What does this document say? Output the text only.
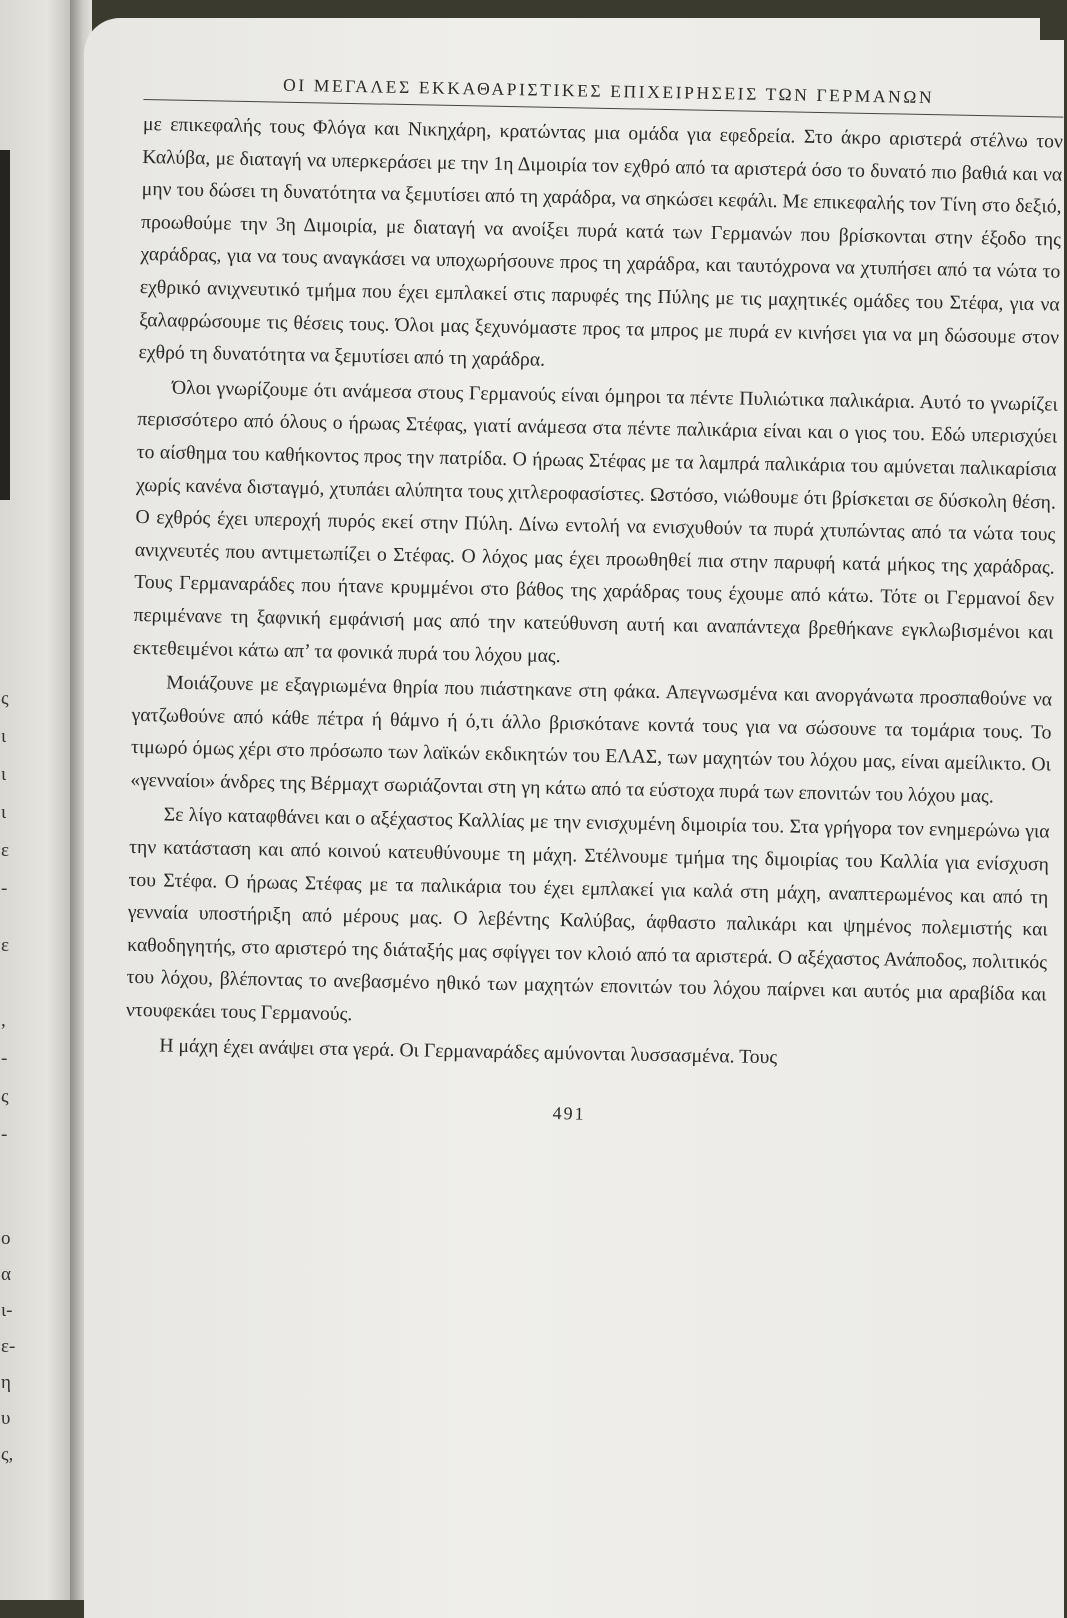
ς
ι
ι
ι
ε
-
ε
,
-
ς
-
ο
α
ι-
ε-
η
υ
ς,
ΟΙ ΜΕΓΑΛΕΣ ΕΚΚΑΘΑΡΙΣΤΙΚΕΣ ΕΠΙΧΕΙΡΗΣΕΙΣ ΤΩΝ ΓΕΡΜΑΝΩΝ

με επικεφαλής τους Φλόγα και Νικηχάρη, κρατώντας μια ομάδα για εφεδρεία. Στο άκρο αριστερά στέλνω τον Καλύβα, με διαταγή να υπερκεράσει με την 1η Διμοιρία τον εχθρό από τα αριστερά όσο το δυνατό πιο βαθιά και να μην του δώσει τη δυνατότητα να ξεμυτίσει από τη χαράδρα, να σηκώσει κεφάλι. Με επικεφαλής τον Τίνη στο δεξιό, προωθούμε την 3η Διμοιρία, με διαταγή να ανοίξει πυρά κατά των Γερμανών που βρίσκονται στην έξοδο της χαράδρας, για να τους αναγκάσει να υποχωρήσουνε προς τη χαράδρα, και ταυτόχρονα να χτυπήσει από τα νώτα το εχθρικό ανιχνευτικό τμήμα που έχει εμπλακεί στις παρυφές της Πύλης με τις μαχητικές ομάδες του Στέφα, για να ξαλαφρώσουμε τις θέσεις τους. Όλοι μας ξεχυνόμαστε προς τα μπρος με πυρά εν κινήσει για να μη δώσουμε στον εχθρό τη δυνατότητα να ξεμυτίσει από τη χαράδρα.

Όλοι γνωρίζουμε ότι ανάμεσα στους Γερμανούς είναι όμηροι τα πέντε Πυλιώτικα παλικάρια. Αυτό το γνωρίζει περισσότερο από όλους ο ήρωας Στέφας, γιατί ανάμεσα στα πέντε παλικάρια είναι και ο γιος του. Εδώ υπερισχύει το αίσθημα του καθήκοντος προς την πατρίδα. Ο ήρωας Στέφας με τα λαμπρά παλικάρια του αμύνεται παλικαρίσια χωρίς κανένα δισταγμό, χτυπάει αλύπητα τους χιτλεροφασίστες. Ωστόσο, νιώθουμε ότι βρίσκεται σε δύσκολη θέση. Ο εχθρός έχει υπεροχή πυρός εκεί στην Πύλη. Δίνω εντολή να ενισχυθούν τα πυρά χτυπώντας από τα νώτα τους ανιχνευτές που αντιμετωπίζει ο Στέφας. Ο λόχος μας έχει προωθηθεί πια στην παρυφή κατά μήκος της χαράδρας. Τους Γερμαναράδες που ήτανε κρυμμένοι στο βάθος της χαράδρας τους έχουμε από κάτω. Τότε οι Γερμανοί δεν περιμένανε τη ξαφνική εμφάνισή μας από την κατεύθυνση αυτή και αναπάντεχα βρεθήκανε εγκλωβισμένοι και εκτεθειμένοι κάτω απ’ τα φονικά πυρά του λόχου μας.

Μοιάζουνε με εξαγριωμένα θηρία που πιάστηκανε στη φάκα. Απεγνωσμένα και ανοργάνωτα προσπαθούνε να γατζωθούνε από κάθε πέτρα ή θάμνο ή ό,τι άλλο βρισκότανε κοντά τους για να σώσουνε τα τομάρια τους. Το τιμωρό όμως χέρι στο πρόσωπο των λαϊκών εκδικητών του ΕΛΑΣ, των μαχητών του λόχου μας, είναι αμείλικτο. Οι «γενναίοι» άνδρες της Βέρμαχτ σωριάζονται στη γη κάτω από τα εύστοχα πυρά των επονιτών του λόχου μας.

Σε λίγο καταφθάνει και ο αξέχαστος Καλλίας με την ενισχυμένη διμοιρία του. Στα γρήγορα τον ενημερώνω για την κατάσταση και από κοινού κατευθύνουμε τη μάχη. Στέλνουμε τμήμα της διμοιρίας του Καλλία για ενίσχυση του Στέφα. Ο ήρωας Στέφας με τα παλικάρια του έχει εμπλακεί για καλά στη μάχη, αναπτερωμένος και από τη γενναία υποστήριξη από μέρους μας. Ο λεβέντης Καλύβας, άφθαστο παλικάρι και ψημένος πολεμιστής και καθοδηγητής, στο αριστερό της διάταξής μας σφίγγει τον κλοιό από τα αριστερά. Ο αξέχαστος Ανάποδος, πολιτικός του λόχου, βλέποντας το ανεβασμένο ηθικό των μαχητών επονιτών του λόχου παίρνει και αυτός μια αραβίδα και ντουφεκάει τους Γερμανούς.

Η μάχη έχει ανάψει στα γερά. Οι Γερμαναράδες αμύνονται λυσσασμένα. Τους

491
